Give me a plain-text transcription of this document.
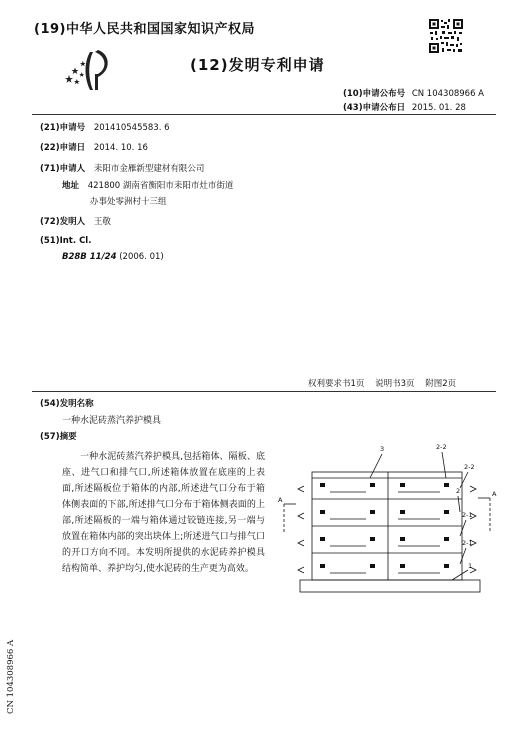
(19)中华人民共和国国家知识产权局
(12)发明专利申请
(10)申请公布号 CN 104308966 A
(43)申请公布日 2015. 01. 28
(21)申请号 201410545583. 6
(22)申请日 2014. 10. 16
(71)申请人 耒阳市金雁新型建材有限公司
地址 421800 湖南省衡阳市耒阳市灶市街道
办事处零洲村十三组
(72)发明人 王敬
(51)Int. Cl.
B28B 11/24 (2006. 01)
权利要求书1页 说明书3页 附图2页
(54)发明名称
一种水泥砖蒸汽养护模具
(57)摘要
一种水泥砖蒸汽养护模具,包括箱体、隔板、底座、进气口和排气口,所述箱体放置在底座的上表面,所述隔板位于箱体的内部,所述进气口分布于箱体侧表面的下部,所述排气口分布于箱体侧表面的上部,所述隔板的一端与箱体通过铰链连接,另一端与放置在箱体内部的突出块体上;所述进气口与排气口的开口方向不同。本发明所提供的水泥砖养护模具结构简单、养护均匀,使水泥砖的生产更为高效。
3	2-2
2-2
2
2-1
2-1
1
A
A
CN 104308966 A
